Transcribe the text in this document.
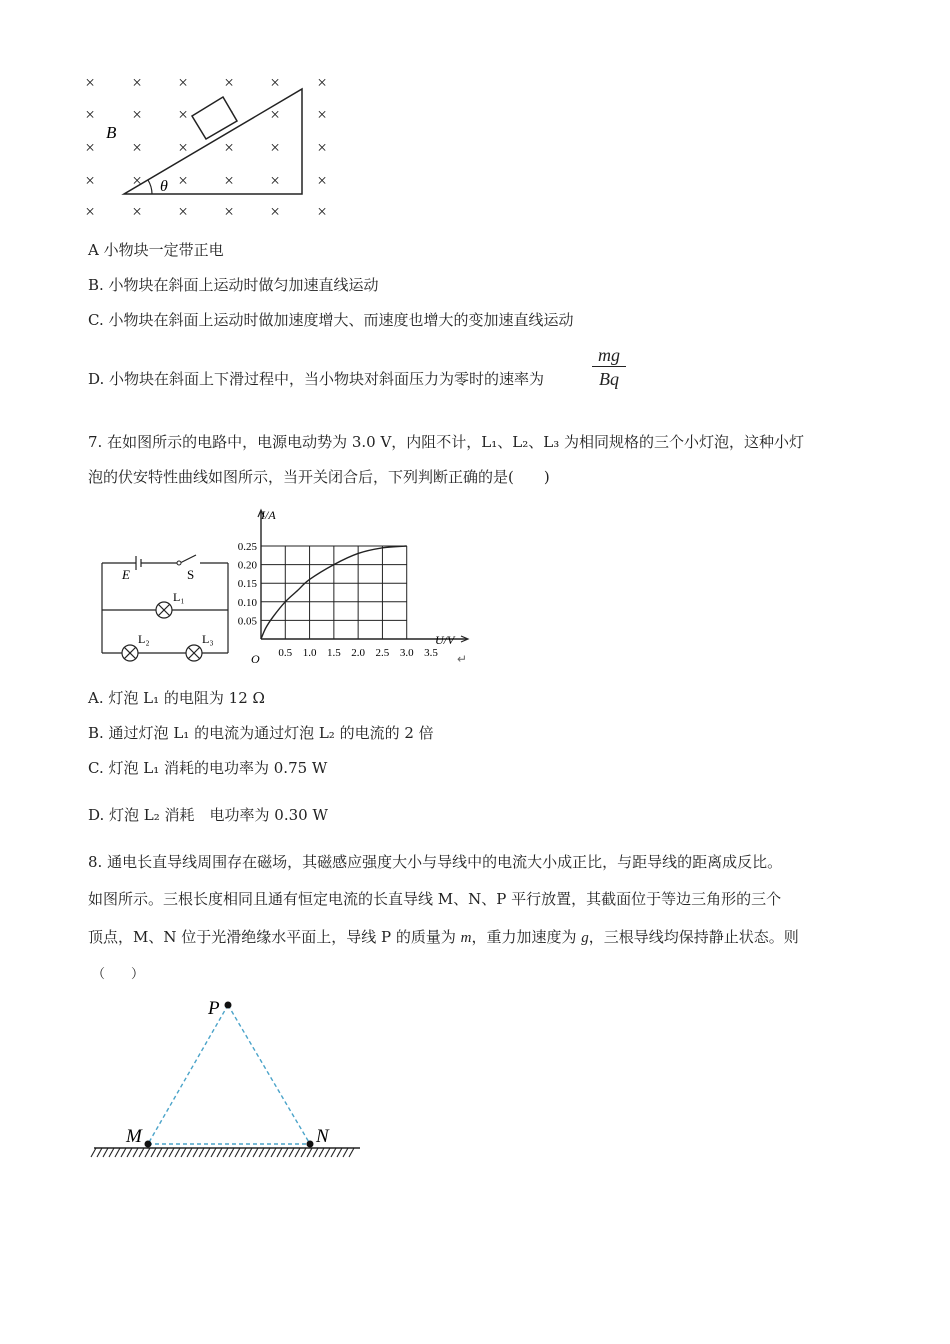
× × × × × ×
× × ×	× ×
× × × × × ×
× × × × × ×
× × × × × ×
B
θ
A 小物块一定带正电
B. 小物块在斜面上运动时做匀加速直线运动
C. 小物块在斜面上运动时做加速度增大、而速度也增大的变加速直线运动
D. 小物块在斜面上下滑过程中，当小物块对斜面压力为零时的速率为	$\frac{mg}{Bq}$
7. 在如图所示的电路中，电源电动势为 3.0 V，内阻不计，L₁、L₂、L₃ 为相同规格的三个小灯泡，这种小灯
泡的伏安特性曲线如图所示，当开关闭合后，下列判断正确的是(　　)
E	S
L₁
L₂	L₃
0.5 1.0 1.5 2.0 2.5 3.0 3.5
0.05
0.10
0.15
0.20
0.25
I/A
U/V
O	↵
A. 灯泡 L₁ 的电阻为 12 Ω
B. 通过灯泡 L₁ 的电流为通过灯泡 L₂ 的电流的 2 倍
C. 灯泡 L₁ 消耗的电功率为 0.75 W
D. 灯泡 L₂ 消耗　电功率为 0.30 W
8. 通电长直导线周围存在磁场，其磁感应强度大小与导线中的电流大小成正比，与距导线的距离成反比。
如图所示。三根长度相同且通有恒定电流的长直导线 M、N、P 平行放置，其截面位于等边三角形的三个
顶点，M、N 位于光滑绝缘水平面上，导线 P 的质量为 m，重力加速度为 g，三根导线均保持静止状态。则
（　　）
P
M	N
